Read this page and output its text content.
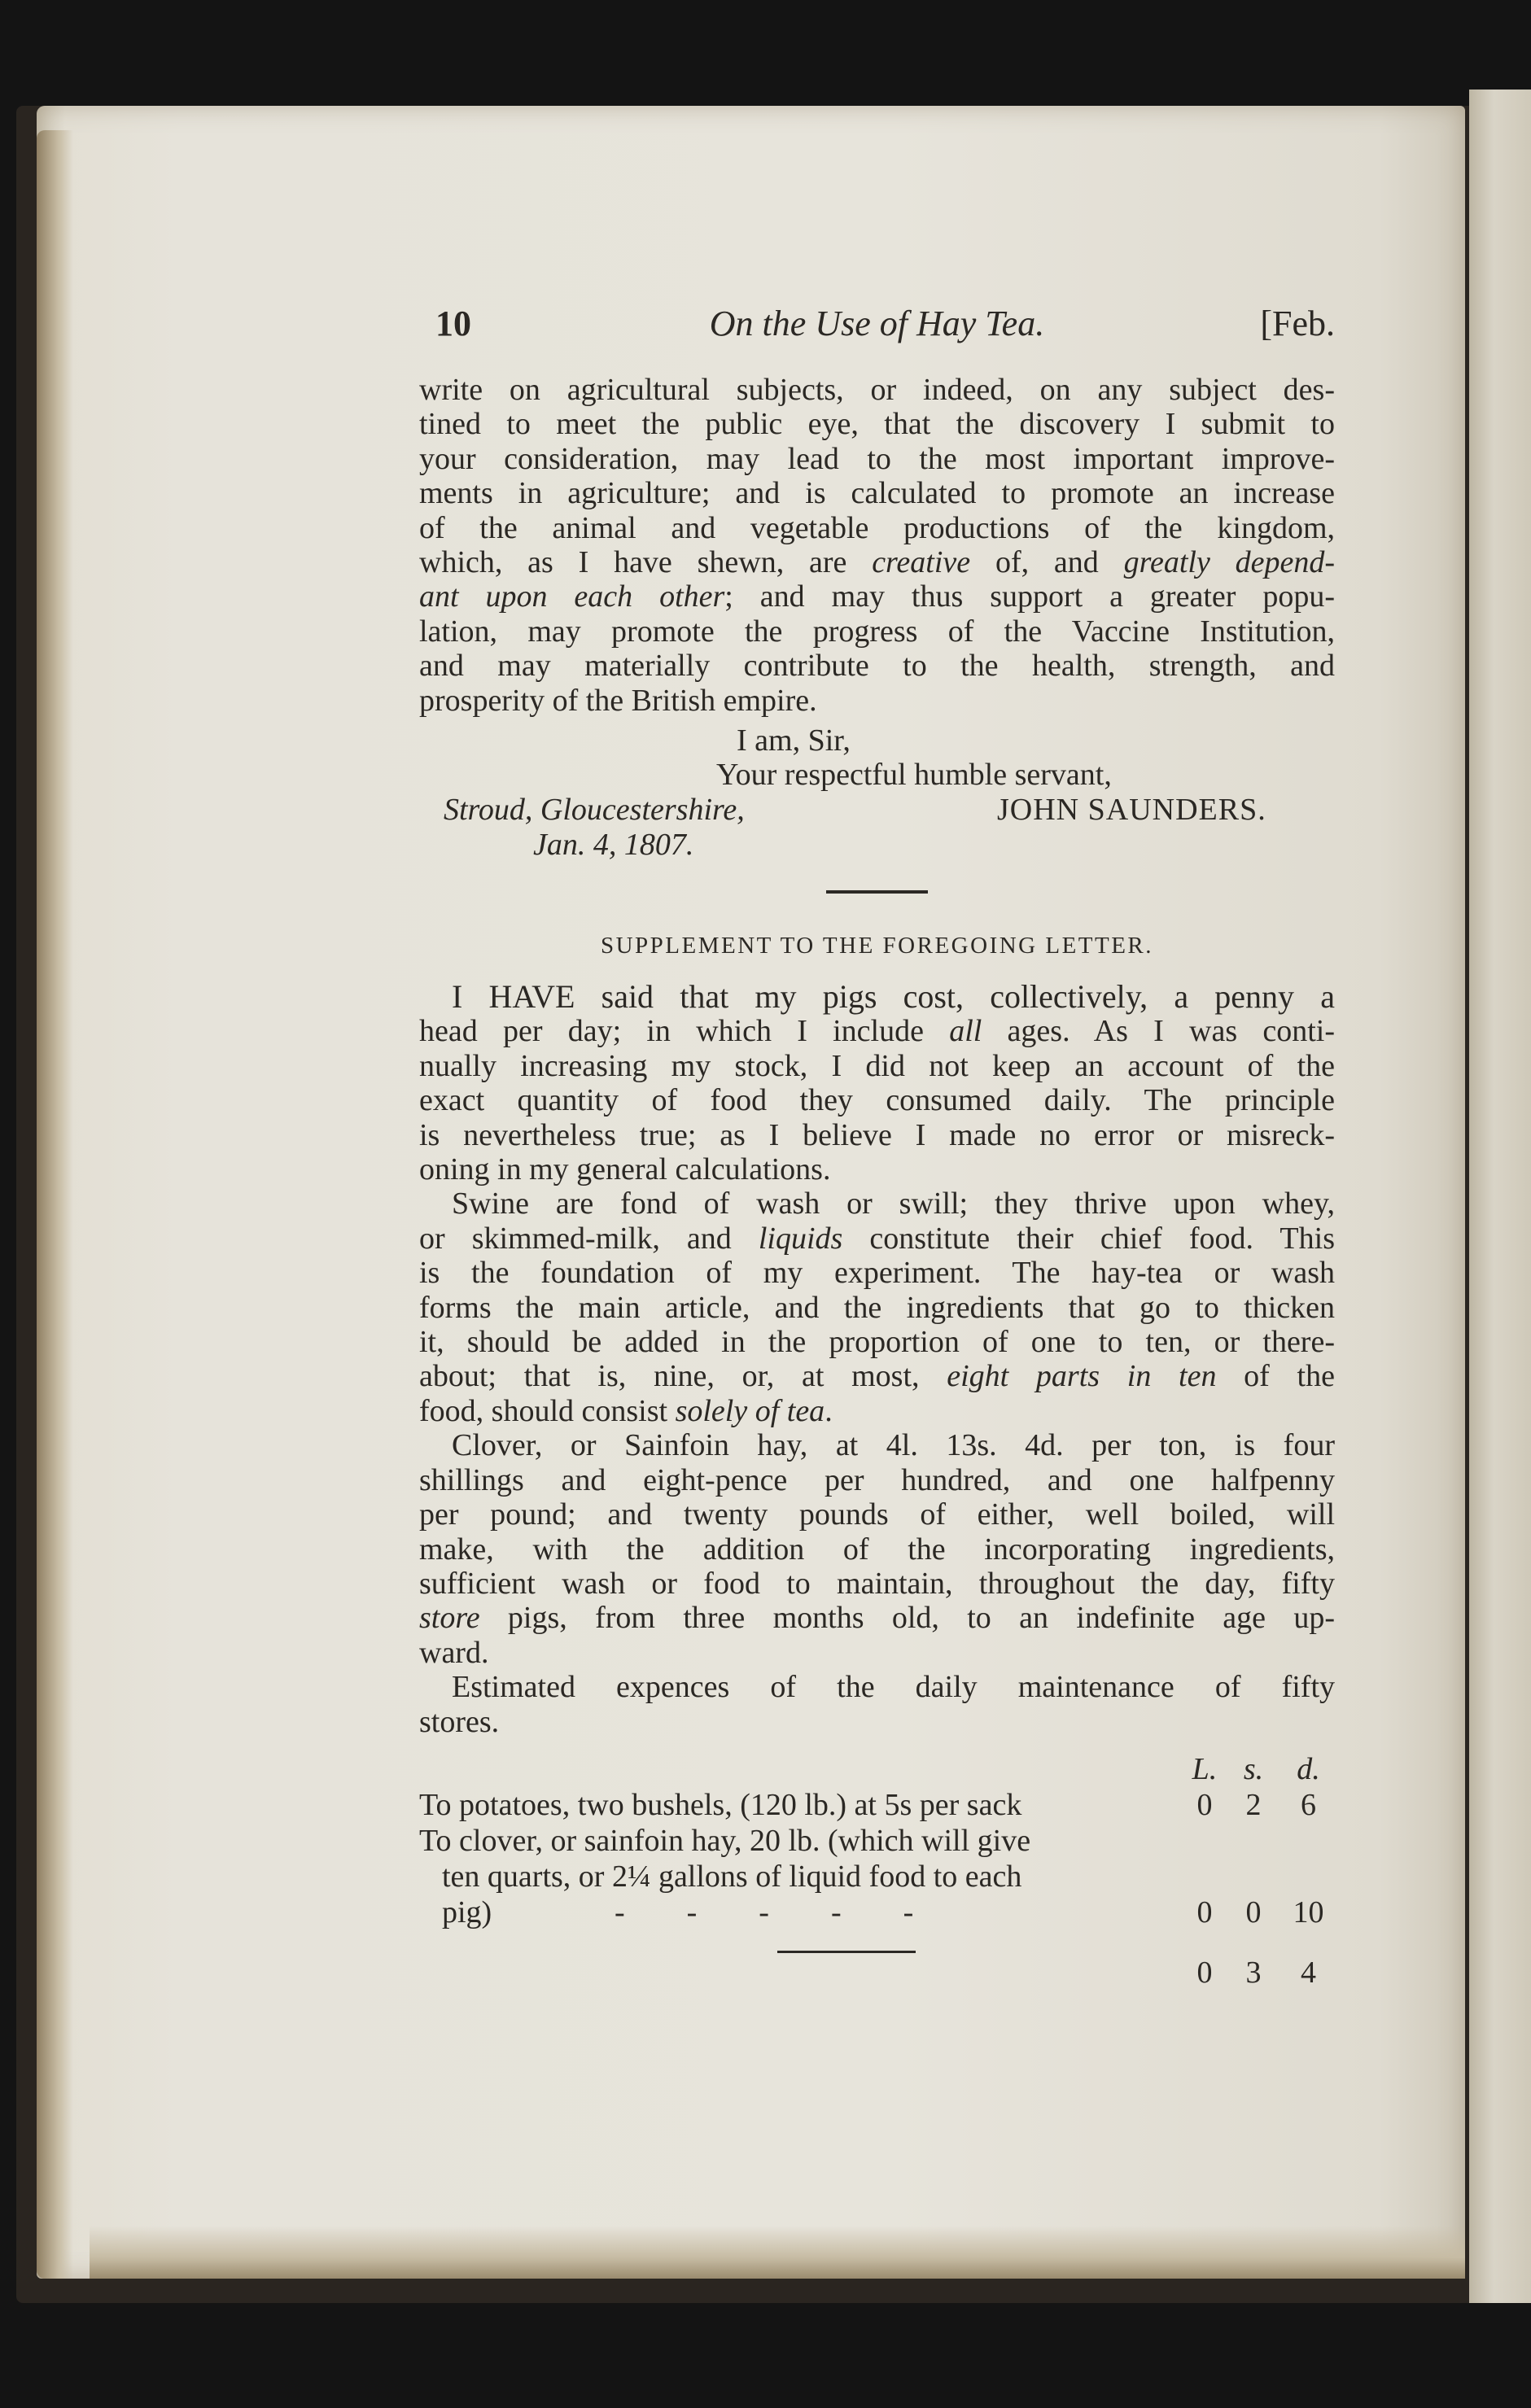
10	On the Use of Hay Tea.	[Feb.
write on agricultural subjects, or indeed, on any subject des-
tined to meet the public eye, that the discovery I submit to
your consideration, may lead to the most important improve-
ments in agriculture; and is calculated to promote an increase
of the animal and vegetable productions of the kingdom,
which, as I have shewn, are creative of, and greatly depend-
ant upon each other; and may thus support a greater popu-
lation, may promote the progress of the Vaccine Institution,
and may materially contribute to the health, strength, and
prosperity of the British empire.
I am, Sir,
Your respectful humble servant,
Stroud, Gloucestershire,	JOHN SAUNDERS.
Jan. 4, 1807.
SUPPLEMENT TO THE FOREGOING LETTER.
I HAVE said that my pigs cost, collectively, a penny a
head per day; in which I include all ages. As I was conti-
nually increasing my stock, I did not keep an account of the
exact quantity of food they consumed daily. The principle
is nevertheless true; as I believe I made no error or misreck-
oning in my general calculations.
Swine are fond of wash or swill; they thrive upon whey,
or skimmed-milk, and liquids constitute their chief food. This
is the foundation of my experiment. The hay-tea or wash
forms the main article, and the ingredients that go to thicken
it, should be added in the proportion of one to ten, or there-
about; that is, nine, or, at most, eight parts in ten of the
food, should consist solely of tea.
Clover, or Sainfoin hay, at 4l. 13s. 4d. per ton, is four
shillings and eight-pence per hundred, and one halfpenny
per pound; and twenty pounds of either, well boiled, will
make, with the addition of the incorporating ingredients,
sufficient wash or food to maintain, throughout the day, fifty
store pigs, from three months old, to an indefinite age up-
ward.
Estimated expences of the daily maintenance of fifty
stores.
L. s.	d.
To potatoes, two bushels, (120 lb.) at 5s per sack	0 2	6
To clover, or sainfoin hay, 20 lb. (which will give
ten quarts, or 2¼ gallons of liquid food to each
pig)	-        -        -        -        -	0 0	10
0 3	4
